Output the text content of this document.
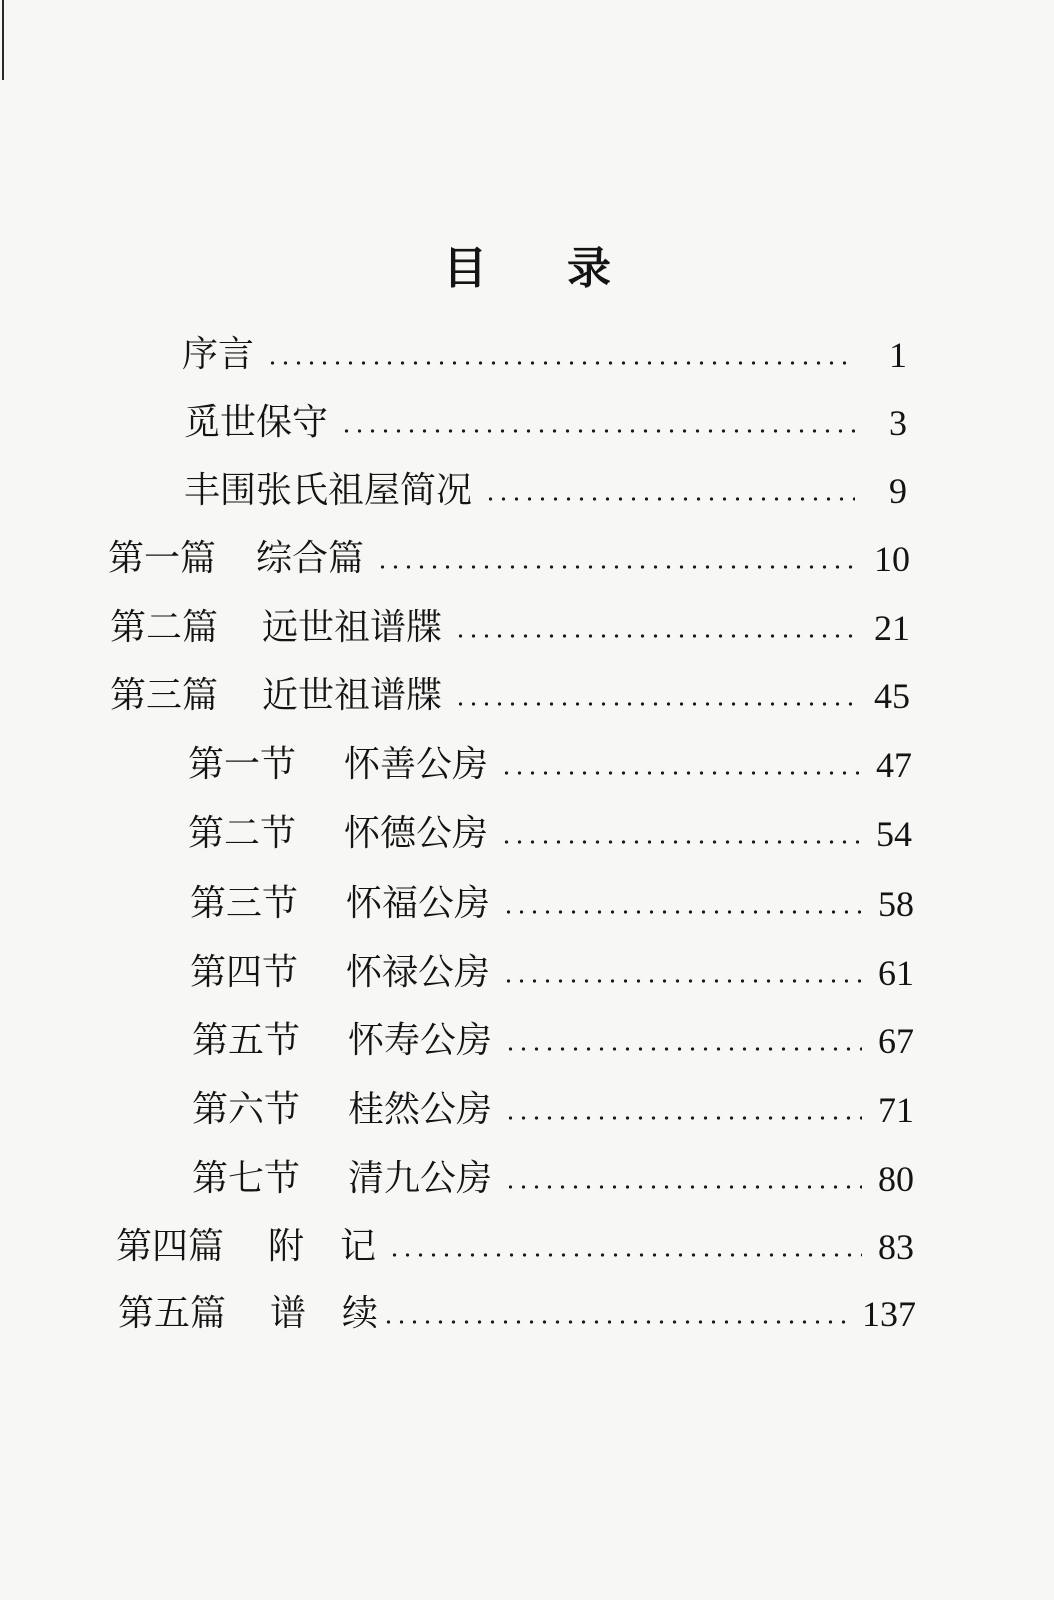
目 录
序言	1
觅世保守	3
丰围张氏祖屋简况	9
第一篇 综合篇	10
第二篇 远世祖谱牒	21
第三篇 近世祖谱牒	45
第一节 怀善公房	47
第二节 怀德公房	54
第三节 怀福公房	58
第四节 怀禄公房	61
第五节 怀寿公房	67
第六节 桂然公房	71
第七节 清九公房	80
第四篇 附　记	83
第五篇 谱　续	137
